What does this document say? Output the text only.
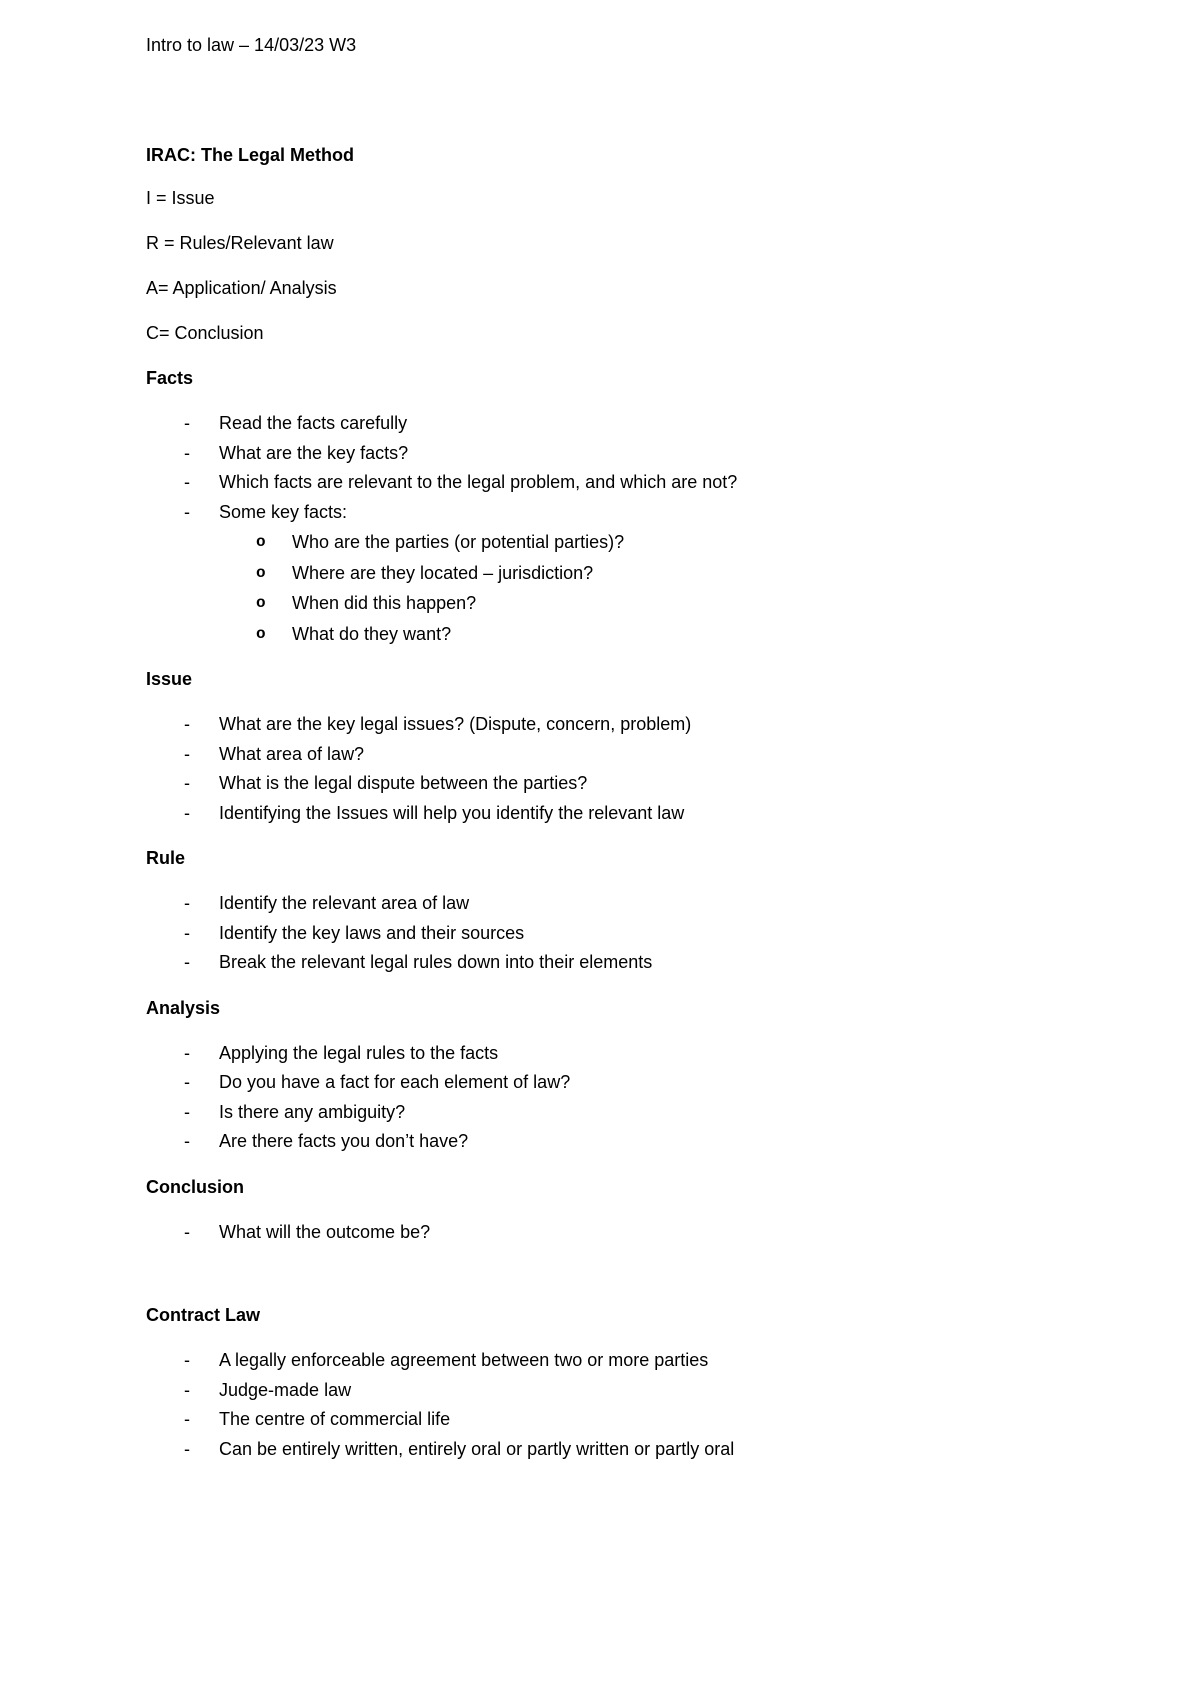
Intro to law – 14/03/23 W3
IRAC: The Legal Method
I = Issue
R = Rules/Relevant law
A= Application/ Analysis
C= Conclusion
Facts
- Read the facts carefully
- What are the key facts?
- Which facts are relevant to the legal problem, and which are not?
- Some key facts:
o Who are the parties (or potential parties)?
o Where are they located – jurisdiction?
o When did this happen?
o What do they want?
Issue
- What are the key legal issues? (Dispute, concern, problem)
- What area of law?
- What is the legal dispute between the parties?
- Identifying the Issues will help you identify the relevant law
Rule
- Identify the relevant area of law
- Identify the key laws and their sources
- Break the relevant legal rules down into their elements
Analysis
- Applying the legal rules to the facts
- Do you have a fact for each element of law?
- Is there any ambiguity?
- Are there facts you don’t have?
Conclusion
- What will the outcome be?
Contract Law
- A legally enforceable agreement between two or more parties
- Judge-made law
- The centre of commercial life
- Can be entirely written, entirely oral or partly written or partly oral
